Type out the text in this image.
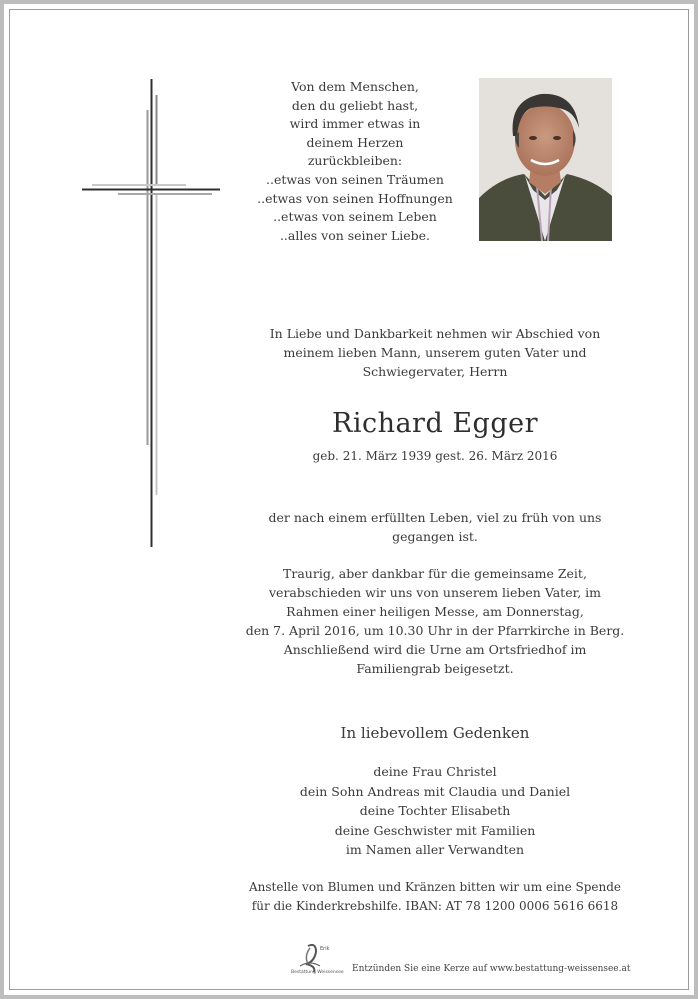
Von dem Menschen,
den du geliebt hast,
wird immer etwas in
deinem Herzen
zurückbleiben:
..etwas von seinen Träumen
..etwas von seinen Hoffnungen
..etwas von seinem Leben
..alles von seiner Liebe.
In Liebe und Dankbarkeit nehmen wir Abschied von
meinem lieben Mann, unserem guten Vater und
Schwiegervater, Herrn
Richard Egger
geb. 21. März 1939 gest. 26. März 2016
der nach einem erfüllten Leben, viel zu früh von uns
gegangen ist.
Traurig, aber dankbar für die gemeinsame Zeit,
verabschieden wir uns von unserem lieben Vater, im
Rahmen einer heiligen Messe, am Donnerstag,
den 7. April 2016, um 10.30 Uhr in der Pfarrkirche in Berg.
Anschließend wird die Urne am Ortsfriedhof im
Familiengrab beigesetzt.
In liebevollem Gedenken
deine Frau Christel
dein Sohn Andreas mit Claudia und Daniel
deine Tochter Elisabeth
deine Geschwister mit Familien
im Namen aller Verwandten
Anstelle von Blumen und Kränzen bitten wir um eine Spende
für die Kinderkrebshilfe. IBAN: AT 78 1200 0006 5616 6618
Erik
Bestattung Weissensee Entzünden Sie eine Kerze auf www.bestattung-weissensee.at
